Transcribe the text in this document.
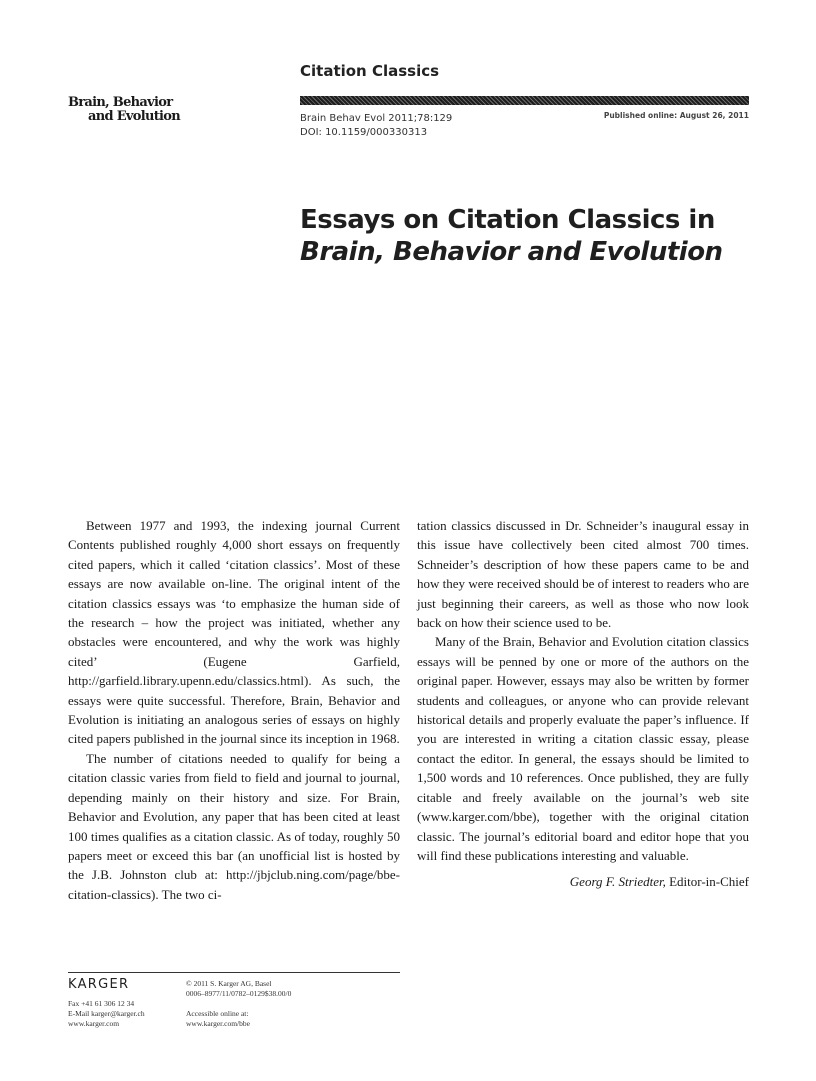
Citation Classics
Brain, Behavior
and Evolution	Brain Behav Evol 2011;78:129
DOI: 10.1159/000330313
Published online: August 26, 2011
Essays on Citation Classics in
Brain, Behavior and Evolution

Between 1977 and 1993, the indexing journal Current Contents published roughly 4,000 short essays on frequently cited papers, which it called ‘citation classics’. Most of these essays are now available on-line. The original intent of the citation classics essays was ‘to emphasize the human side of the research – how the project was initiated, whether any obstacles were encountered, and why the work was highly cited’ (Eugene Garfield, http://garfield.library.upenn.edu/classics.html). As such, the essays were quite successful. Therefore, Brain, Behavior and Evolution is initiating an analogous series of essays on highly cited papers published in the journal since its inception in 1968.

The number of citations needed to qualify for being a citation classic varies from field to field and journal to journal, depending mainly on their history and size. For Brain, Behavior and Evolution, any paper that has been cited at least 100 times qualifies as a citation classic. As of today, roughly 50 papers meet or exceed this bar (an unofficial list is hosted by the J.B. Johnston club at: http://jbjclub.ning.com/page/bbe-citation-classics). The two ci-

tation classics discussed in Dr. Schneider’s inaugural essay in this issue have collectively been cited almost 700 times. Schneider’s description of how these papers came to be and how they were received should be of interest to readers who are just beginning their careers, as well as those who now look back on how their science used to be.

Many of the Brain, Behavior and Evolution citation classics essays will be penned by one or more of the authors on the original paper. However, essays may also be written by former students and colleagues, or anyone who can provide relevant historical details and properly evaluate the paper’s influence. If you are interested in writing a citation classic essay, please contact the editor. In general, the essays should be limited to 1,500 words and 10 references. Once published, they are fully citable and freely available on the journal’s web site (www.karger.com/bbe), together with the original citation classic. The journal’s editorial board and editor hope that you will find these publications interesting and valuable.

Georg F. Striedter, Editor-in-Chief

KARGER
Fax +41 61 306 12 34
E-Mail karger@karger.ch
www.karger.com
© 2011 S. Karger AG, Basel
0006–8977/11/0782–0129$38.00/0
Accessible online at:
www.karger.com/bbe
